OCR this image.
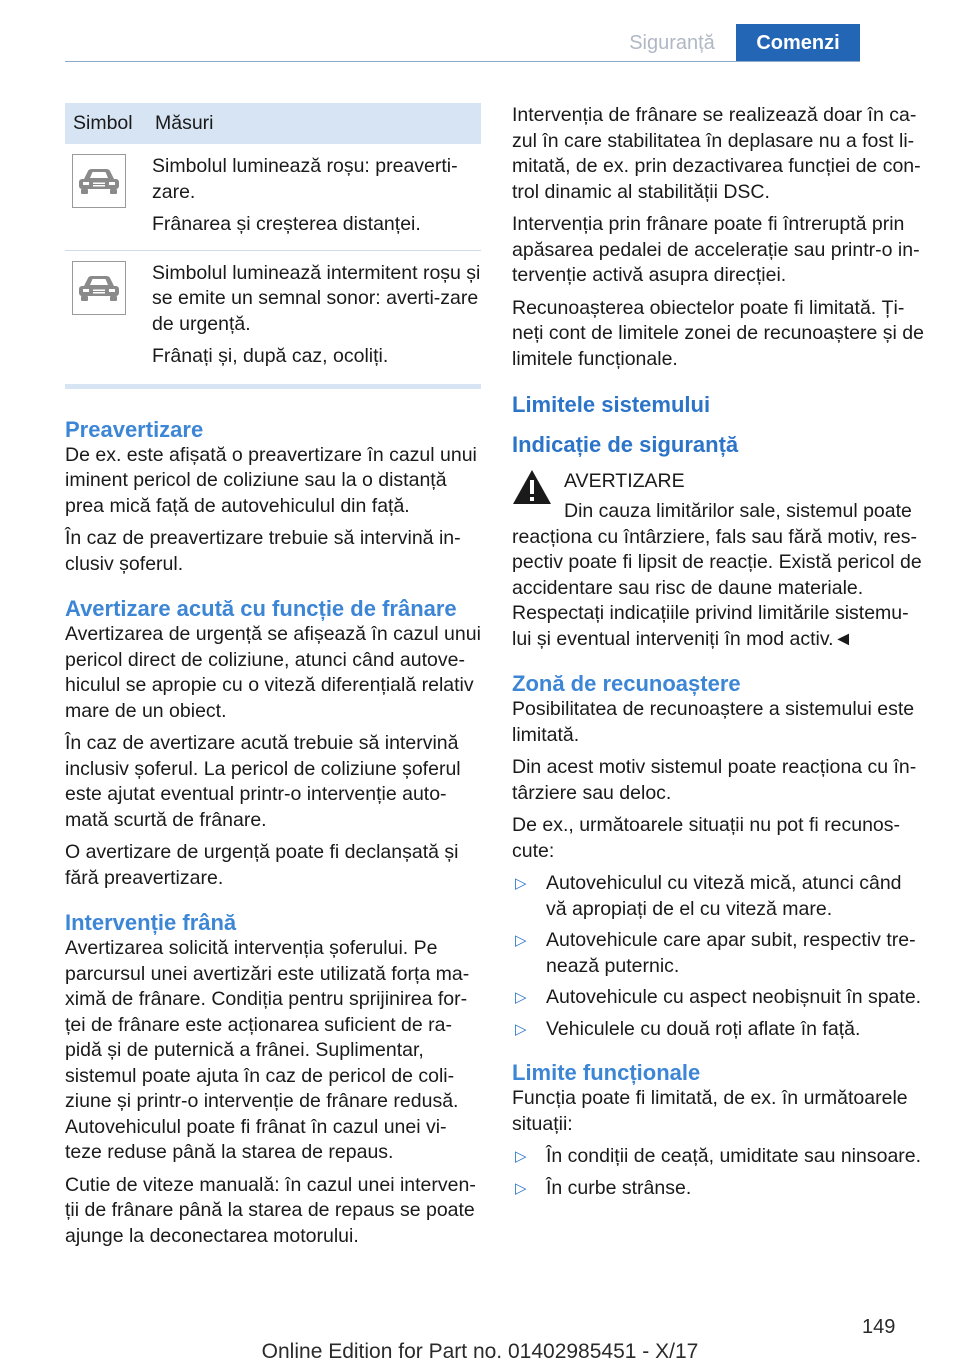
Siguranță	Comenzi
Simbol	Măsuri

Simbolul luminează roșu: preaverti-zare.

Frânarea și creșterea distanței.

Simbolul luminează intermitent roșu și se emite un semnal sonor: averti-zare de urgență.

Frânați și, după caz, ocoliți.

Preavertizare

De ex. este afișată o preavertizare în cazul unui iminent pericol de coliziune sau la o distanță prea mică față de autovehiculul din față.

În caz de preavertizare trebuie să intervină in-clusiv șoferul.

Avertizare acută cu funcție de frânare

Avertizarea de urgență se afișează în cazul unui pericol direct de coliziune, atunci când autove-hiculul se apropie cu o viteză diferențială relativ mare de un obiect.

În caz de avertizare acută trebuie să intervină inclusiv șoferul. La pericol de coliziune șoferul este ajutat eventual printr-o intervenție auto-mată scurtă de frânare.

O avertizare de urgență poate fi declanșată și fără preavertizare.

Intervenție frână

Avertizarea solicită intervenția șoferului. Pe parcursul unei avertizări este utilizată forța ma-ximă de frânare. Condiția pentru sprijinirea for-ței de frânare este acționarea suficient de ra-pidă și de puternică a frânei. Suplimentar, sistemul poate ajuta în caz de pericol de coli-ziune și printr-o intervenție de frânare redusă. Autovehiculul poate fi frânat în cazul unei vi-teze reduse până la starea de repaus.

Cutie de viteze manuală: în cazul unei interven-ții de frânare până la starea de repaus se poate ajunge la deconectarea motorului.

Intervenția de frânare se realizează doar în ca-zul în care stabilitatea în deplasare nu a fost li-mitată, de ex. prin dezactivarea funcției de con-trol dinamic al stabilității DSC.

Intervenția prin frânare poate fi întreruptă prin apăsarea pedalei de accelerație sau printr-o in-tervenție activă asupra direcției.

Recunoașterea obiectelor poate fi limitată. Ți-neți cont de limitele zonei de recunoaștere și de limitele funcționale.

Limitele sistemului
Indicație de siguranță
AVERTIZARE

Din cauza limitărilor sale, sistemul poate

reacționa cu întârziere, fals sau fără motiv, res-pectiv poate fi lipsit de reacție. Există pericol de accidentare sau risc de daune materiale. Respectați indicațiile privind limitările sistemu-lui și eventual interveniți în mod activ.◄

Zonă de recunoaștere

Posibilitatea de recunoaștere a sistemului este limitată.

Din acest motiv sistemul poate reacționa cu în-târziere sau deloc.

De ex., următoarele situații nu pot fi recunos-cute:

▷ Autovehiculul cu viteză mică, atunci când vă apropiați de el cu viteză mare.
▷ Autovehicule care apar subit, respectiv tre-nează puternic.
▷ Autovehicule cu aspect neobișnuit în spate.
▷ Vehiculele cu două roți aflate în față.
Limite funcționale

Funcția poate fi limitată, de ex. în următoarele situații:

▷ În condiții de ceață, umiditate sau ninsoare.
▷ În curbe strânse.
149
Online Edition for Part no. 01402985451 - X/17
